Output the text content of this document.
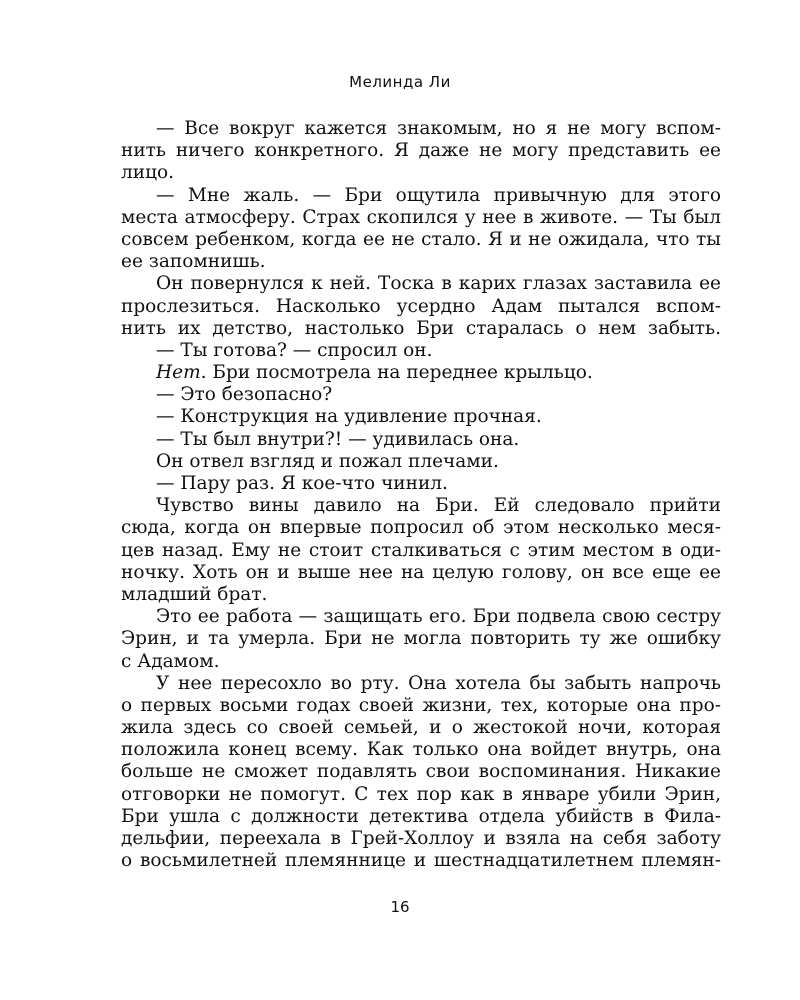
Мелинда Ли
— Все вокруг кажется знакомым, но я не могу вспом-
нить ничего конкретного. Я даже не могу представить ее
лицо.
— Мне жаль. — Бри ощутила привычную для этого
места атмосферу. Страх скопился у нее в животе. — Ты был
совсем ребенком, когда ее не стало. Я и не ожидала, что ты
ее запомнишь.
Он повернулся к ней. Тоска в карих глазах заставила ее
прослезиться. Насколько усердно Адам пытался вспом-
нить их детство, настолько Бри старалась о нем забыть.
— Ты готова? — спросил он.
Нет. Бри посмотрела на переднее крыльцо.
— Это безопасно?
— Конструкция на удивление прочная.
— Ты был внутри?! — удивилась она.
Он отвел взгляд и пожал плечами.
— Пару раз. Я кое-что чинил.
Чувство вины давило на Бри. Ей следовало прийти
сюда, когда он впервые попросил об этом несколько меся-
цев назад. Ему не стоит сталкиваться с этим местом в оди-
ночку. Хоть он и выше нее на целую голову, он все еще ее
младший брат.
Это ее работа — защищать его. Бри подвела свою сестру
Эрин, и та умерла. Бри не могла повторить ту же ошибку
с Адамом.
У нее пересохло во рту. Она хотела бы забыть напрочь
о первых восьми годах своей жизни, тех, которые она про-
жила здесь со своей семьей, и о жестокой ночи, которая
положила конец всему. Как только она войдет внутрь, она
больше не сможет подавлять свои воспоминания. Никакие
отговорки не помогут. С тех пор как в январе убили Эрин,
Бри ушла с должности детектива отдела убийств в Фила-
дельфии, переехала в Грей-Холлоу и взяла на себя заботу
о восьмилетней племяннице и шестнадцатилетнем племян-
16
